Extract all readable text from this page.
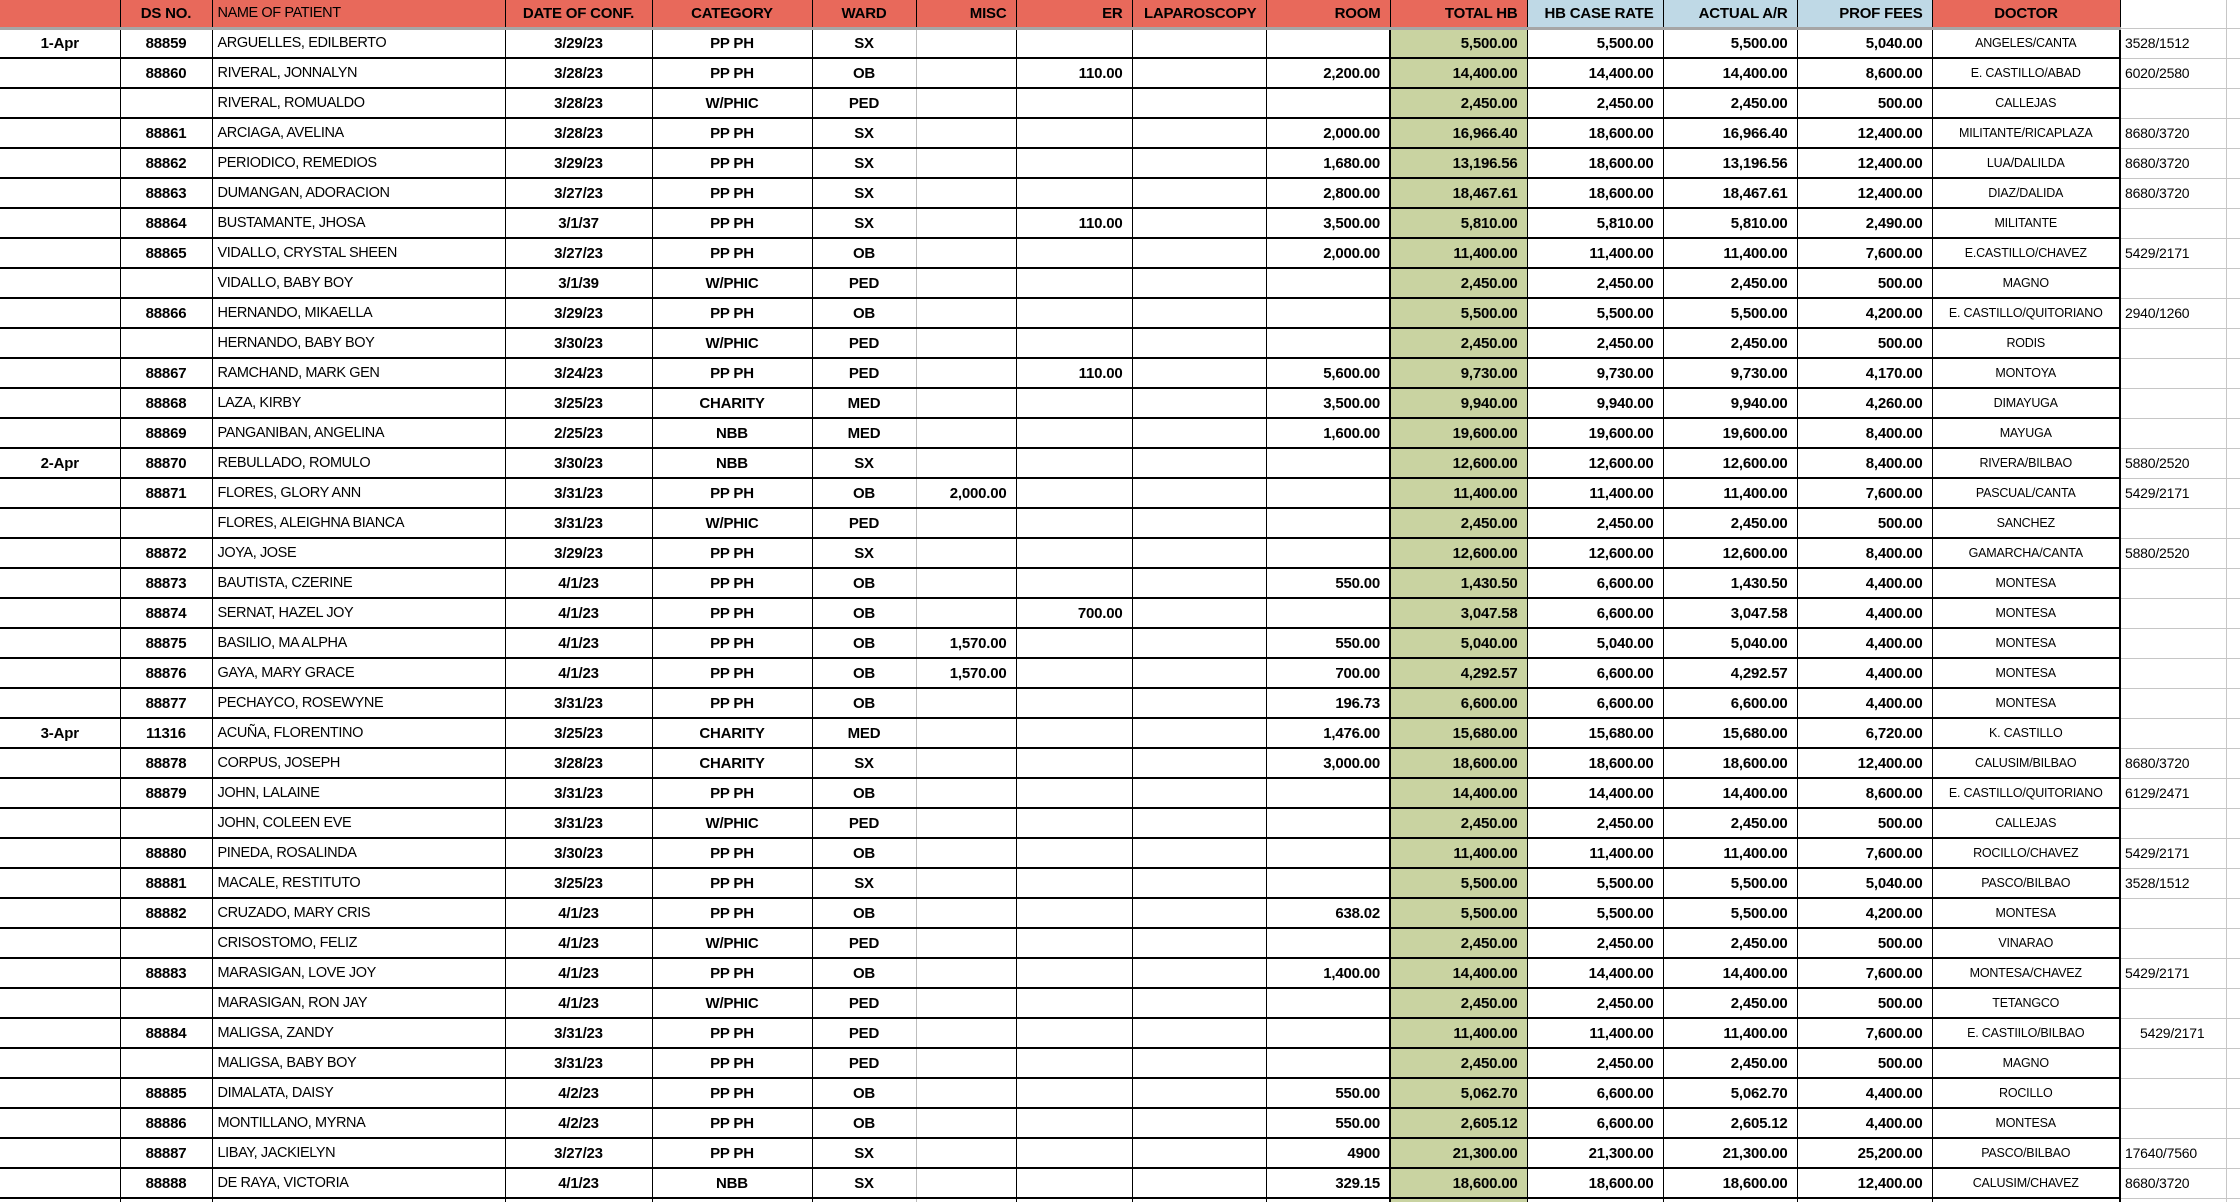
	DS NO.	NAME OF PATIENT	DATE OF CONF.	CATEGORY	WARD	MISC	ER	LAPAROSCOPY	ROOM	TOTAL HB	HB CASE RATE	ACTUAL A/R	PROF FEES	DOCTOR		
1-Apr	88859	ARGUELLES, EDILBERTO	3/29/23	PP PH	SX					5,500.00	5,500.00	5,500.00	5,040.00	ANGELES/CANTA	3528/1512	
	88860	RIVERAL, JONNALYN	3/28/23	PP PH	OB		110.00		2,200.00	14,400.00	14,400.00	14,400.00	8,600.00	E. CASTILLO/ABAD	6020/2580	
		RIVERAL, ROMUALDO	3/28/23	W/PHIC	PED					2,450.00	2,450.00	2,450.00	500.00	CALLEJAS		
	88861	ARCIAGA, AVELINA	3/28/23	PP PH	SX				2,000.00	16,966.40	18,600.00	16,966.40	12,400.00	MILITANTE/RICAPLAZA	8680/3720	
	88862	PERIODICO, REMEDIOS	3/29/23	PP PH	SX				1,680.00	13,196.56	18,600.00	13,196.56	12,400.00	LUA/DALILDA	8680/3720	
	88863	DUMANGAN, ADORACION	3/27/23	PP PH	SX				2,800.00	18,467.61	18,600.00	18,467.61	12,400.00	DIAZ/DALIDA	8680/3720	
	88864	BUSTAMANTE, JHOSA	3/1/37	PP PH	SX		110.00		3,500.00	5,810.00	5,810.00	5,810.00	2,490.00	MILITANTE		
	88865	VIDALLO, CRYSTAL SHEEN	3/27/23	PP PH	OB				2,000.00	11,400.00	11,400.00	11,400.00	7,600.00	E.CASTILLO/CHAVEZ	5429/2171	
		VIDALLO, BABY BOY	3/1/39	W/PHIC	PED					2,450.00	2,450.00	2,450.00	500.00	MAGNO		
	88866	HERNANDO, MIKAELLA	3/29/23	PP PH	OB					5,500.00	5,500.00	5,500.00	4,200.00	E. CASTILLO/QUITORIANO	2940/1260	
		HERNANDO, BABY BOY	3/30/23	W/PHIC	PED					2,450.00	2,450.00	2,450.00	500.00	RODIS		
	88867	RAMCHAND, MARK GEN	3/24/23	PP PH	PED		110.00		5,600.00	9,730.00	9,730.00	9,730.00	4,170.00	MONTOYA		
	88868	LAZA, KIRBY	3/25/23	CHARITY	MED				3,500.00	9,940.00	9,940.00	9,940.00	4,260.00	DIMAYUGA		
	88869	PANGANIBAN, ANGELINA	2/25/23	NBB	MED				1,600.00	19,600.00	19,600.00	19,600.00	8,400.00	MAYUGA		
2-Apr	88870	REBULLADO, ROMULO	3/30/23	NBB	SX					12,600.00	12,600.00	12,600.00	8,400.00	RIVERA/BILBAO	5880/2520	
	88871	FLORES, GLORY ANN	3/31/23	PP PH	OB	2,000.00				11,400.00	11,400.00	11,400.00	7,600.00	PASCUAL/CANTA	5429/2171	
		FLORES, ALEIGHNA BIANCA	3/31/23	W/PHIC	PED					2,450.00	2,450.00	2,450.00	500.00	SANCHEZ		
	88872	JOYA, JOSE	3/29/23	PP PH	SX					12,600.00	12,600.00	12,600.00	8,400.00	GAMARCHA/CANTA	5880/2520	
	88873	BAUTISTA, CZERINE	4/1/23	PP PH	OB				550.00	1,430.50	6,600.00	1,430.50	4,400.00	MONTESA		
	88874	SERNAT, HAZEL JOY	4/1/23	PP PH	OB		700.00			3,047.58	6,600.00	3,047.58	4,400.00	MONTESA		
	88875	BASILIO, MA ALPHA	4/1/23	PP PH	OB	1,570.00			550.00	5,040.00	5,040.00	5,040.00	4,400.00	MONTESA		
	88876	GAYA, MARY GRACE	4/1/23	PP PH	OB	1,570.00			700.00	4,292.57	6,600.00	4,292.57	4,400.00	MONTESA		
	88877	PECHAYCO, ROSEWYNE	3/31/23	PP PH	OB				196.73	6,600.00	6,600.00	6,600.00	4,400.00	MONTESA		
3-Apr	11316	ACUÑA, FLORENTINO	3/25/23	CHARITY	MED				1,476.00	15,680.00	15,680.00	15,680.00	6,720.00	K. CASTILLO		
	88878	CORPUS, JOSEPH	3/28/23	CHARITY	SX				3,000.00	18,600.00	18,600.00	18,600.00	12,400.00	CALUSIM/BILBAO	8680/3720	
	88879	JOHN, LALAINE	3/31/23	PP PH	OB					14,400.00	14,400.00	14,400.00	8,600.00	E. CASTILLO/QUITORIANO	6129/2471	
		JOHN, COLEEN EVE	3/31/23	W/PHIC	PED					2,450.00	2,450.00	2,450.00	500.00	CALLEJAS		
	88880	PINEDA, ROSALINDA	3/30/23	PP PH	OB					11,400.00	11,400.00	11,400.00	7,600.00	ROCILLO/CHAVEZ	5429/2171	
	88881	MACALE, RESTITUTO	3/25/23	PP PH	SX					5,500.00	5,500.00	5,500.00	5,040.00	PASCO/BILBAO	3528/1512	
	88882	CRUZADO, MARY CRIS	4/1/23	PP PH	OB				638.02	5,500.00	5,500.00	5,500.00	4,200.00	MONTESA		
		CRISOSTOMO, FELIZ	4/1/23	W/PHIC	PED					2,450.00	2,450.00	2,450.00	500.00	VINARAO		
	88883	MARASIGAN, LOVE JOY	4/1/23	PP PH	OB				1,400.00	14,400.00	14,400.00	14,400.00	7,600.00	MONTESA/CHAVEZ	5429/2171	
		MARASIGAN, RON JAY	4/1/23	W/PHIC	PED					2,450.00	2,450.00	2,450.00	500.00	TETANGCO		
	88884	MALIGSA, ZANDY	3/31/23	PP PH	PED					11,400.00	11,400.00	11,400.00	7,600.00	E. CASTIILO/BILBAO	5429/2171	
		MALIGSA, BABY BOY	3/31/23	PP PH	PED					2,450.00	2,450.00	2,450.00	500.00	MAGNO		
	88885	DIMALATA, DAISY	4/2/23	PP PH	OB				550.00	5,062.70	6,600.00	5,062.70	4,400.00	ROCILLO		
	88886	MONTILLANO, MYRNA	4/2/23	PP PH	OB				550.00	2,605.12	6,600.00	2,605.12	4,400.00	MONTESA		
	88887	LIBAY, JACKIELYN	3/27/23	PP PH	SX				4900	21,300.00	21,300.00	21,300.00	25,200.00	PASCO/BILBAO	17640/7560	
	88888	DE RAYA, VICTORIA	4/1/23	NBB	SX				329.15	18,600.00	18,600.00	18,600.00	12,400.00	CALUSIM/CHAVEZ	8680/3720	
